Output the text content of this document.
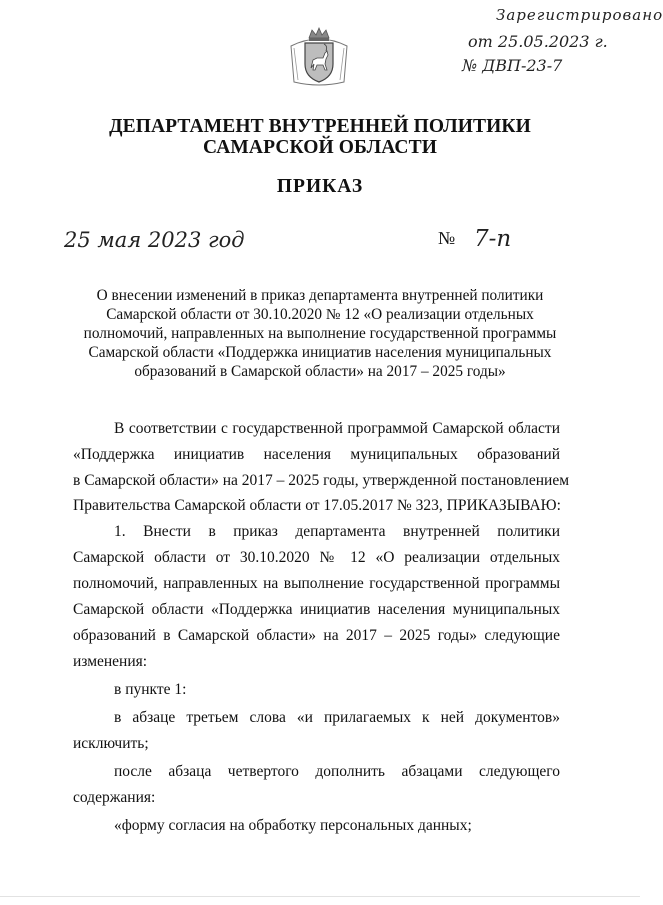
Зарегистрировано
от 25.05.2023 г.
№ ДВП-23-7
ДЕПАРТАМЕНТ ВНУТРЕННЕЙ ПОЛИТИКИ
САМАРСКОЙ ОБЛАСТИ
ПРИКАЗ
25 мая 2023 год	№ 7-п
О внесении изменений в приказ департамента внутренней политики
Самарской области от 30.10.2020 № 12 «О реализации отдельных
полномочий, направленных на выполнение государственной программы
Самарской области «Поддержка инициатив населения муниципальных
образований в Самарской области» на 2017 – 2025 годы»
В соответствии с государственной программой Самарской области
«Поддержка инициатив населения муниципальных образований
в Самарской области» на 2017 – 2025 годы, утвержденной постановлением
Правительства Самарской области от 17.05.2017 № 323, ПРИКАЗЫВАЮ:
1. Внести в приказ департамента внутренней политики
Самарской области от 30.10.2020 № 12 «О реализации отдельных
полномочий, направленных на выполнение государственной программы
Самарской области «Поддержка инициатив населения муниципальных
образований в Самарской области» на 2017 – 2025 годы» следующие
изменения:
в пункте 1:
в абзаце третьем слова «и прилагаемых к ней документов»
исключить;
после абзаца четвертого дополнить абзацами следующего
содержания:
«форму согласия на обработку персональных данных;
